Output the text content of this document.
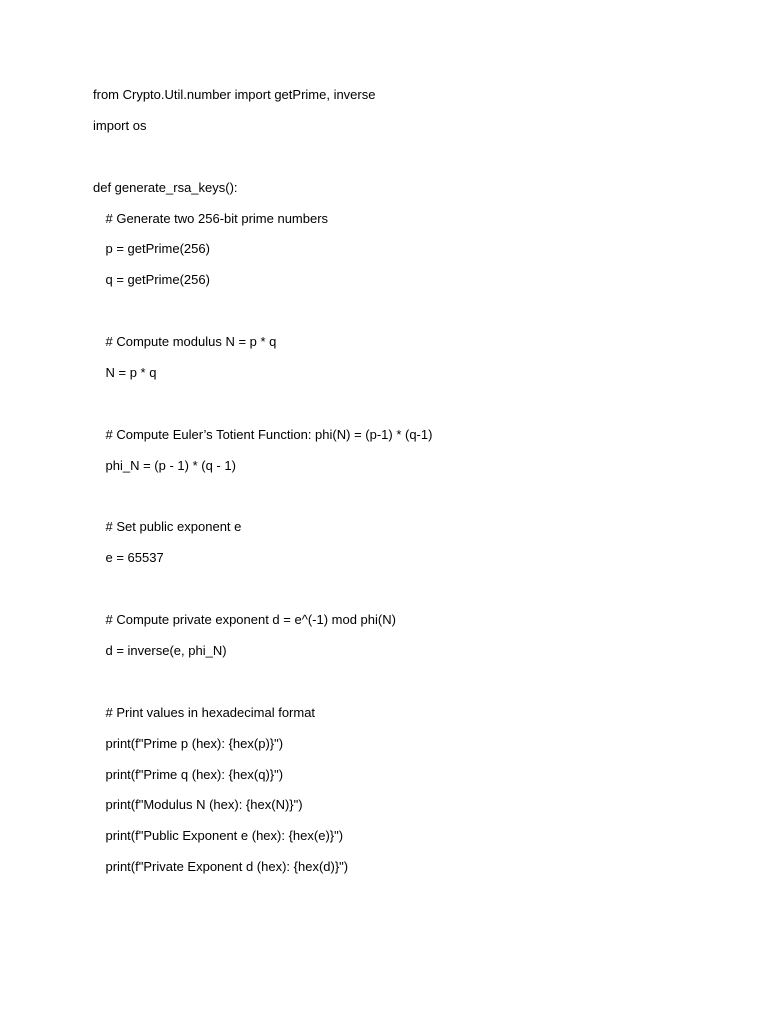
from Crypto.Util.number import getPrime, inverse
import os
def generate_rsa_keys():
# Generate two 256-bit prime numbers
p = getPrime(256)
q = getPrime(256)
# Compute modulus N = p * q
N = p * q
# Compute Euler’s Totient Function: phi(N) = (p-1) * (q-1)
phi_N = (p - 1) * (q - 1)
# Set public exponent e
e = 65537
# Compute private exponent d = e^(-1) mod phi(N)
d = inverse(e, phi_N)
# Print values in hexadecimal format
print(f"Prime p (hex): {hex(p)}")
print(f"Prime q (hex): {hex(q)}")
print(f"Modulus N (hex): {hex(N)}")
print(f"Public Exponent e (hex): {hex(e)}")
print(f"Private Exponent d (hex): {hex(d)}")
